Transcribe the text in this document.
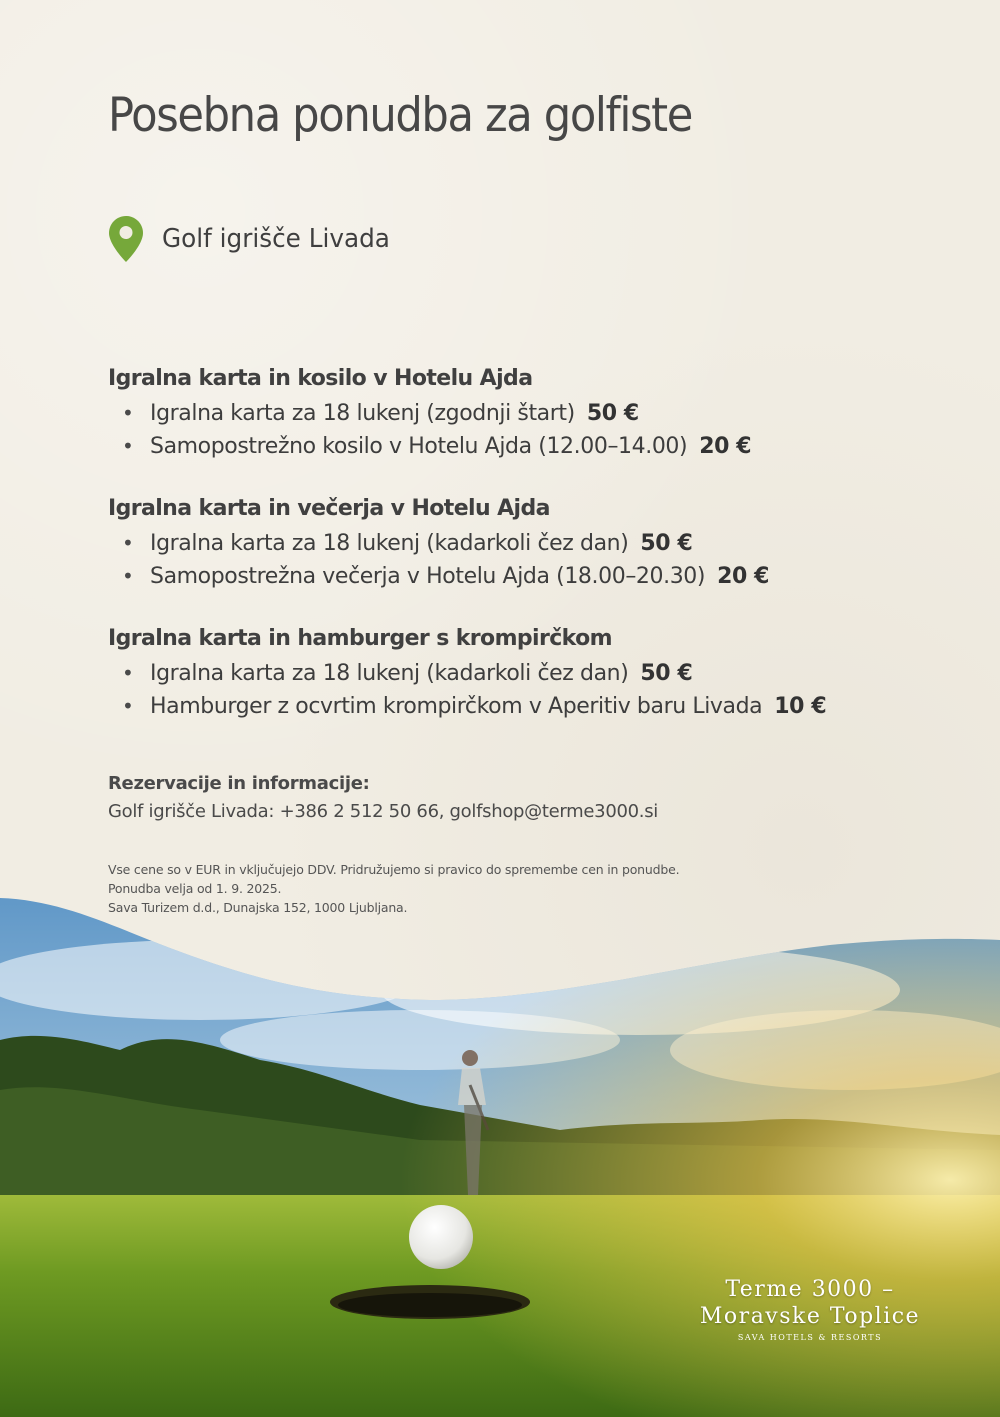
Posebna ponudba za golfiste
Golf igrišče Livada

Igralna karta in kosilo v Hotelu Ajda

• Igralna karta za 18 lukenj (zgodnji štart) 50 €
• Samopostrežno kosilo v Hotelu Ajda (12.00–14.00) 20 €

Igralna karta in večerja v Hotelu Ajda

• Igralna karta za 18 lukenj (kadarkoli čez dan) 50 €
• Samopostrežna večerja v Hotelu Ajda (18.00–20.30) 20 €

Igralna karta in hamburger s krompirčkom

• Igralna karta za 18 lukenj (kadarkoli čez dan) 50 €
• Hamburger z ocvrtim krompirčkom v Aperitiv baru Livada 10 €

Rezervacije in informacije:

Golf igrišče Livada: +386 2 512 50 66, golfshop@terme3000.si

Vse cene so v EUR in vključujejo DDV. Pridružujemo si pravico do spremembe cen in ponudbe.

Ponudba velja od 1. 9. 2025.

Sava Turizem d.d., Dunajska 152, 1000 Ljubljana.

Terme 3000 –
Moravske Toplice
SAVA HOTELS & RESORTS
